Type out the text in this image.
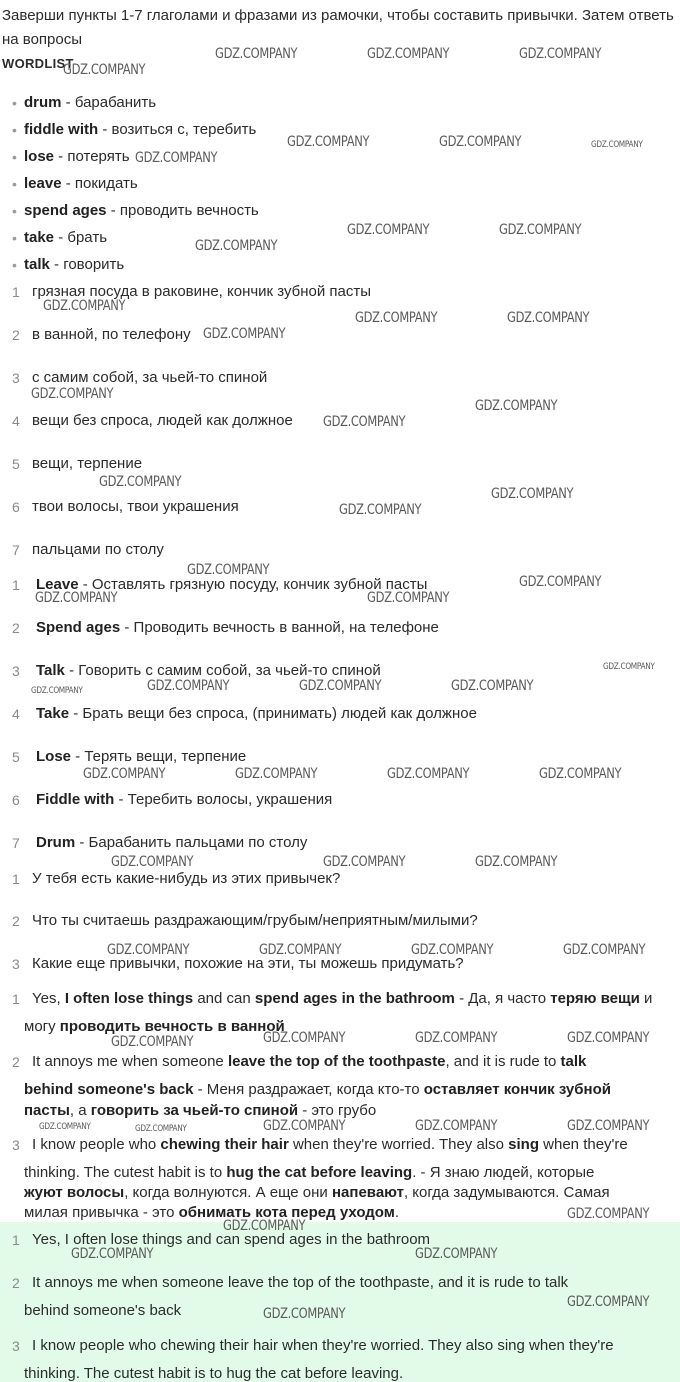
Заверши пункты 1-7 глаголами и фразами из рамочки, чтобы составить привычки. Затем ответь на вопросы
WORDLIST
• drum - барабанить
• fiddle with - возиться с, теребить
• lose - потерять
• leave - покидать
• spend ages - проводить вечность
• take - брать
• talk - говорить
1 грязная посуда в раковине, кончик зубной пасты
2 в ванной, по телефону
3 с самим собой, за чьей-то спиной
4 вещи без спроса, людей как должное
5 вещи, терпение
6 твои волосы, твои украшения
7 пальцами по столу
1 Leave - Оставлять грязную посуду, кончик зубной пасты
2 Spend ages - Проводить вечность в ванной, на телефоне
3 Talk - Говорить с самим собой, за чьей-то спиной
4 Take - Брать вещи без спроса, (принимать) людей как должное
5 Lose - Терять вещи, терпение
6 Fiddle with - Теребить волосы, украшения
7 Drum - Барабанить пальцами по столу
1 У тебя есть какие-нибудь из этих привычек?
2 Что ты считаешь раздражающим/грубым/неприятным/милыми?
3 Какие еще привычки, похожие на эти, ты можешь придумать?
1 Yes, I often lose things and can spend ages in the bathroom - Да, я часто теряю вещи и
могу проводить вечность в ванной
2 It annoys me when someone leave the top of the toothpaste, and it is rude to talk
behind someone's back - Меня раздражает, когда кто-то оставляет кончик зубной
пасты, а говорить за чьей-то спиной - это грубо
3 I know people who chewing their hair when they're worried. They also sing when they're
thinking. The cutest habit is to hug the cat before leaving. - Я знаю людей, которые
жуют волосы, когда волнуются. А еще они напевают, когда задумываются. Самая
милая привычка - это обнимать кота перед уходом.
1 Yes, I often lose things and can spend ages in the bathroom
2 It annoys me when someone leave the top of the toothpaste, and it is rude to talk
behind someone's back
3 I know people who chewing their hair when they're worried. They also sing when they're
thinking. The cutest habit is to hug the cat before leaving.
GDZ.COMPANY
GDZ.COMPANY	GDZ.COMPANY	GDZ.COMPANY
GDZ.COMPANY
GDZ.COMPANY	GDZ.COMPANY	GDZ.COMPANY
GDZ.COMPANY
GDZ.COMPANY	GDZ.COMPANY
GDZ.COMPANY
GDZ.COMPANY
GDZ.COMPANY	GDZ.COMPANY
GDZ.COMPANY
GDZ.COMPANY
GDZ.COMPANY
GDZ.COMPANY
GDZ.COMPANY
GDZ.COMPANY
GDZ.COMPANY
GDZ.COMPANY	GDZ.COMPANY
GDZ.COMPANY
GDZ.COMPANY
GDZ.COMPANY	GDZ.COMPANY	GDZ.COMPANY	GDZ.COMPANY
GDZ.COMPANY	GDZ.COMPANY	GDZ.COMPANY	GDZ.COMPANY
GDZ.COMPANY	GDZ.COMPANY	GDZ.COMPANY
GDZ.COMPANY	GDZ.COMPANY	GDZ.COMPANY	GDZ.COMPANY
GDZ.COMPANY	GDZ.COMPANY	GDZ.COMPANY	GDZ.COMPANY
GDZ.COMPANY	GDZ.COMPANY	GDZ.COMPANY	GDZ.COMPANY	GDZ.COMPANY
GDZ.COMPANY
GDZ.COMPANY
GDZ.COMPANY	GDZ.COMPANY
GDZ.COMPANY
GDZ.COMPANY
